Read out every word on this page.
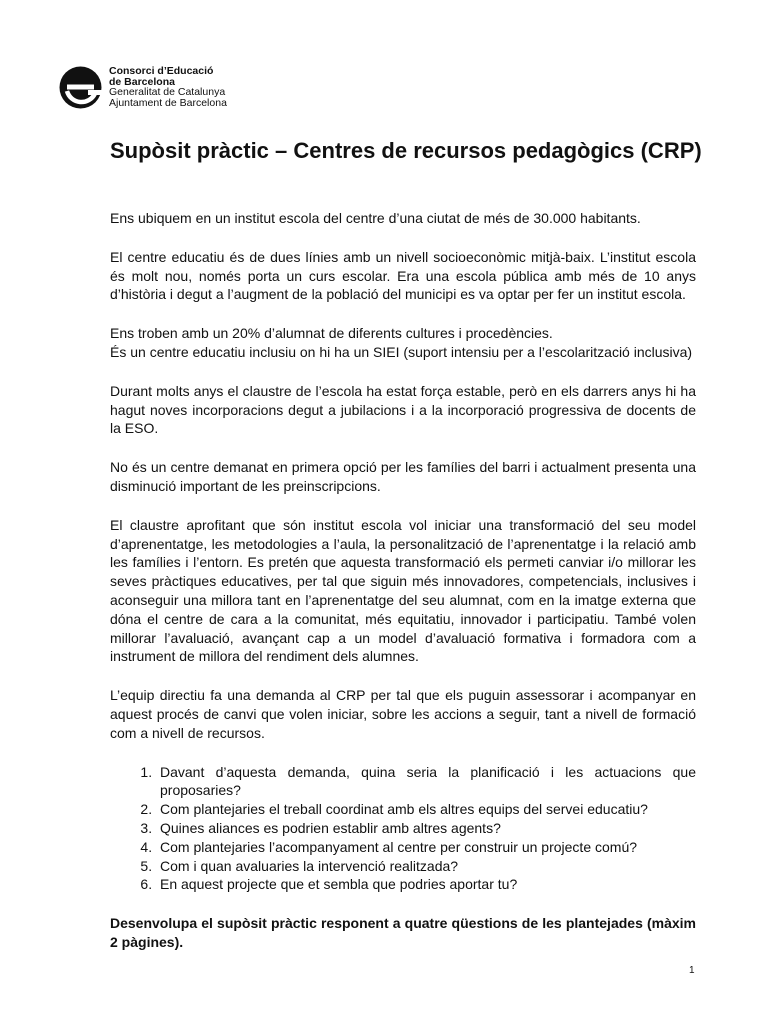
Consorci d’Educació
de Barcelona
Generalitat de Catalunya
Ajuntament de Barcelona
Supòsit pràctic – Centres de recursos pedagògics (CRP)

Ens ubiquem en un institut escola del centre d’una ciutat de més de 30.000 habitants.

El centre educatiu és de dues línies amb un nivell socioeconòmic mitjà-baix. L’institut escola és molt nou, només porta un curs escolar. Era una escola pública amb més de 10 anys d’història i degut a l’augment de la població del municipi es va optar per fer un institut escola.

Ens troben amb un 20% d’alumnat de diferents cultures i procedències.

És un centre educatiu inclusiu on hi ha un SIEI (suport intensiu per a l’escolarització inclusiva)

Durant molts anys el claustre de l’escola ha estat força estable, però en els darrers anys hi ha hagut noves incorporacions degut a jubilacions i a la incorporació progressiva de docents de la ESO.

No és un centre demanat en primera opció per les famílies del barri i actualment presenta una disminució important de les preinscripcions.

El claustre aprofitant que són institut escola vol iniciar una transformació del seu model d’aprenentatge, les metodologies a l’aula, la personalització de l’aprenentatge i la relació amb les famílies i l’entorn. Es pretén que aquesta transformació els permeti canviar i/o millorar les seves pràctiques educatives, per tal que siguin més innovadores, competencials, inclusives i aconseguir una millora tant en l’aprenentatge del seu alumnat, com en la imatge externa que dóna el centre de cara a la comunitat, més equitatiu, innovador i participatiu. També volen millorar l’avaluació, avançant cap a un model d’avaluació formativa i formadora com a instrument de millora del rendiment dels alumnes.

L’equip directiu fa una demanda al CRP per tal que els puguin assessorar i acompanyar en aquest procés de canvi que volen iniciar, sobre les accions a seguir, tant a nivell de formació com a nivell de recursos.

1. Davant d’aquesta demanda, quina seria la planificació i les actuacions que proposaries?
2. Com plantejaries el treball coordinat amb els altres equips del servei educatiu?
3. Quines aliances es podrien establir amb altres agents?
4. Com plantejaries l’acompanyament al centre per construir un projecte comú?
5. Com i quan avaluaries la intervenció realitzada?
6. En aquest projecte que et sembla que podries aportar tu?

Desenvolupa el supòsit pràctic responent a quatre qüestions de les plantejades (màxim 2 pàgines).

1
